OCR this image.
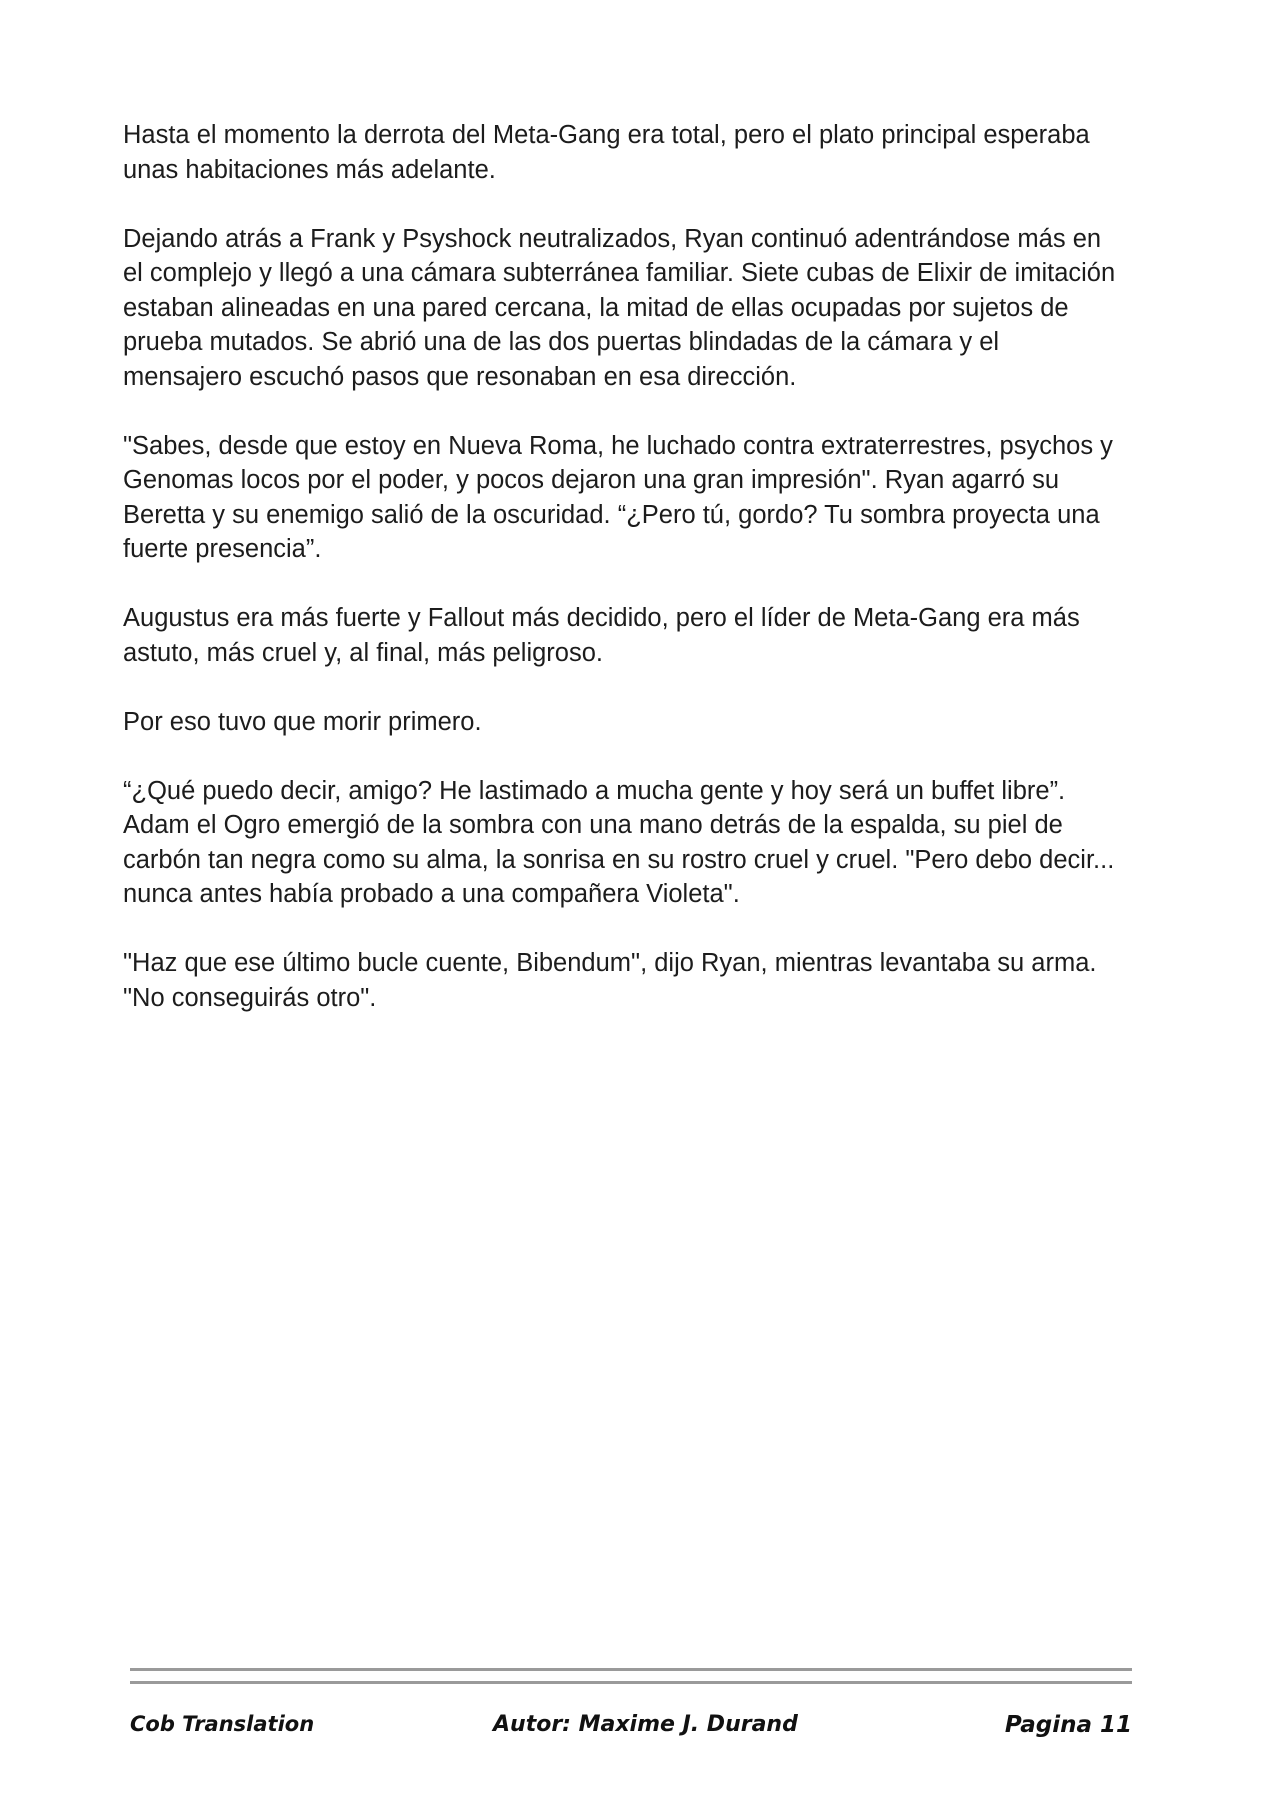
Hasta el momento la derrota del Meta-Gang era total, pero el plato principal esperaba
unas habitaciones más adelante.

Dejando atrás a Frank y Psyshock neutralizados, Ryan continuó adentrándose más en
el complejo y llegó a una cámara subterránea familiar. Siete cubas de Elixir de imitación
estaban alineadas en una pared cercana, la mitad de ellas ocupadas por sujetos de
prueba mutados. Se abrió una de las dos puertas blindadas de la cámara y el
mensajero escuchó pasos que resonaban en esa dirección.

"Sabes, desde que estoy en Nueva Roma, he luchado contra extraterrestres, psychos y
Genomas locos por el poder, y pocos dejaron una gran impresión". Ryan agarró su
Beretta y su enemigo salió de la oscuridad. “¿Pero tú, gordo? Tu sombra proyecta una
fuerte presencia”.

Augustus era más fuerte y Fallout más decidido, pero el líder de Meta-Gang era más
astuto, más cruel y, al final, más peligroso.

Por eso tuvo que morir primero.

“¿Qué puedo decir, amigo? He lastimado a mucha gente y hoy será un buffet libre”.
Adam el Ogro emergió de la sombra con una mano detrás de la espalda, su piel de
carbón tan negra como su alma, la sonrisa en su rostro cruel y cruel. "Pero debo decir...
nunca antes había probado a una compañera Violeta".

"Haz que ese último bucle cuente, Bibendum", dijo Ryan, mientras levantaba su arma.
"No conseguirás otro".

Cob Translation	Autor: Maxime J. Durand	Pagina 11
